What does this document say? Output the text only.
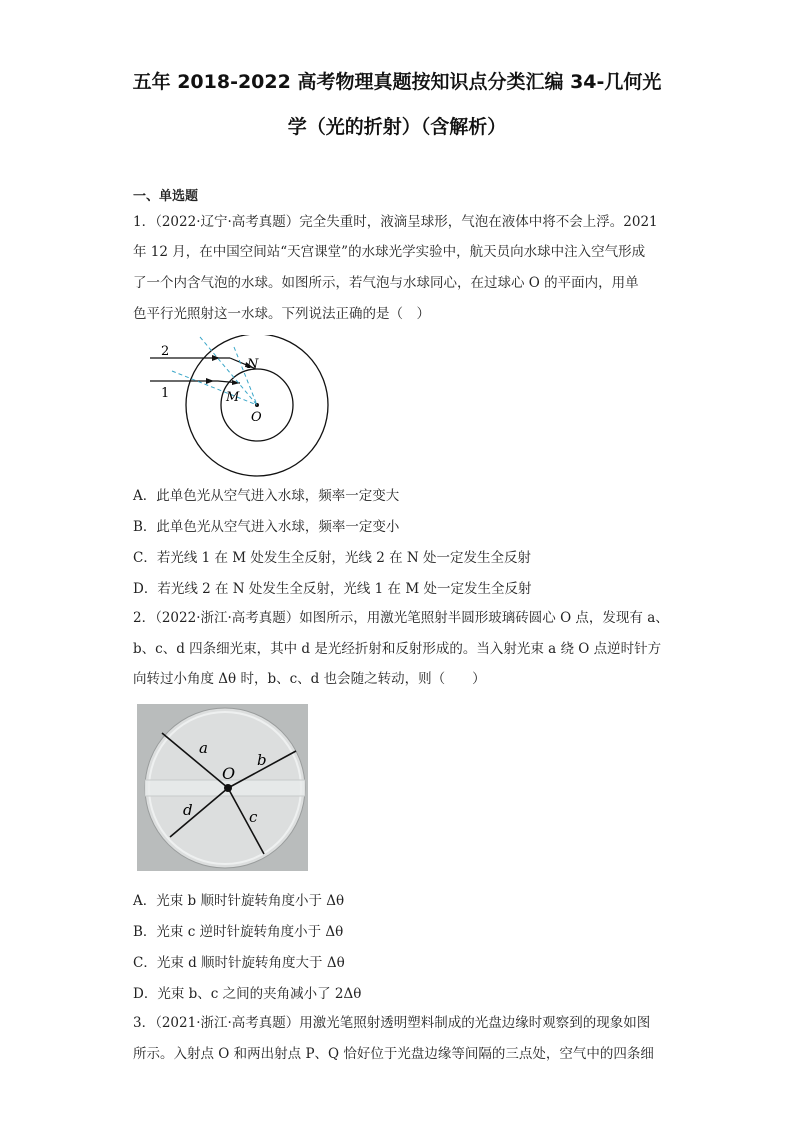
五年 2018-2022 高考物理真题按知识点分类汇编 34-几何光
学（光的折射）（含解析）
一、单选题
1．（2022·辽宁·高考真题）完全失重时，液滴呈球形，气泡在液体中将不会上浮。2021
年 12 月，在中国空间站“天宫课堂”的水球光学实验中，航天员向水球中注入空气形成
了一个内含气泡的水球。如图所示，若气泡与水球同心，在过球心 O 的平面内，用单
色平行光照射这一水球。下列说法正确的是（　）
2
1
N
M
O
A．此单色光从空气进入水球，频率一定变大
B．此单色光从空气进入水球，频率一定变小
C．若光线 1 在 M 处发生全反射，光线 2 在 N 处一定发生全反射
D．若光线 2 在 N 处发生全反射，光线 1 在 M 处一定发生全反射
2．（2022·浙江·高考真题）如图所示，用激光笔照射半圆形玻璃砖圆心 O 点，发现有 a、
b、c、d 四条细光束，其中 d 是光经折射和反射形成的。当入射光束 a 绕 O 点逆时针方
向转过小角度 Δθ 时，b、c、d 也会随之转动，则（　　）
a
b
O
d	c
A．光束 b 顺时针旋转角度小于 Δθ
B．光束 c 逆时针旋转角度小于 Δθ
C．光束 d 顺时针旋转角度大于 Δθ
D．光束 b、c 之间的夹角减小了 2Δθ
3．（2021·浙江·高考真题）用激光笔照射透明塑料制成的光盘边缘时观察到的现象如图
所示。入射点 O 和两出射点 P、Q 恰好位于光盘边缘等间隔的三点处，空气中的四条细
